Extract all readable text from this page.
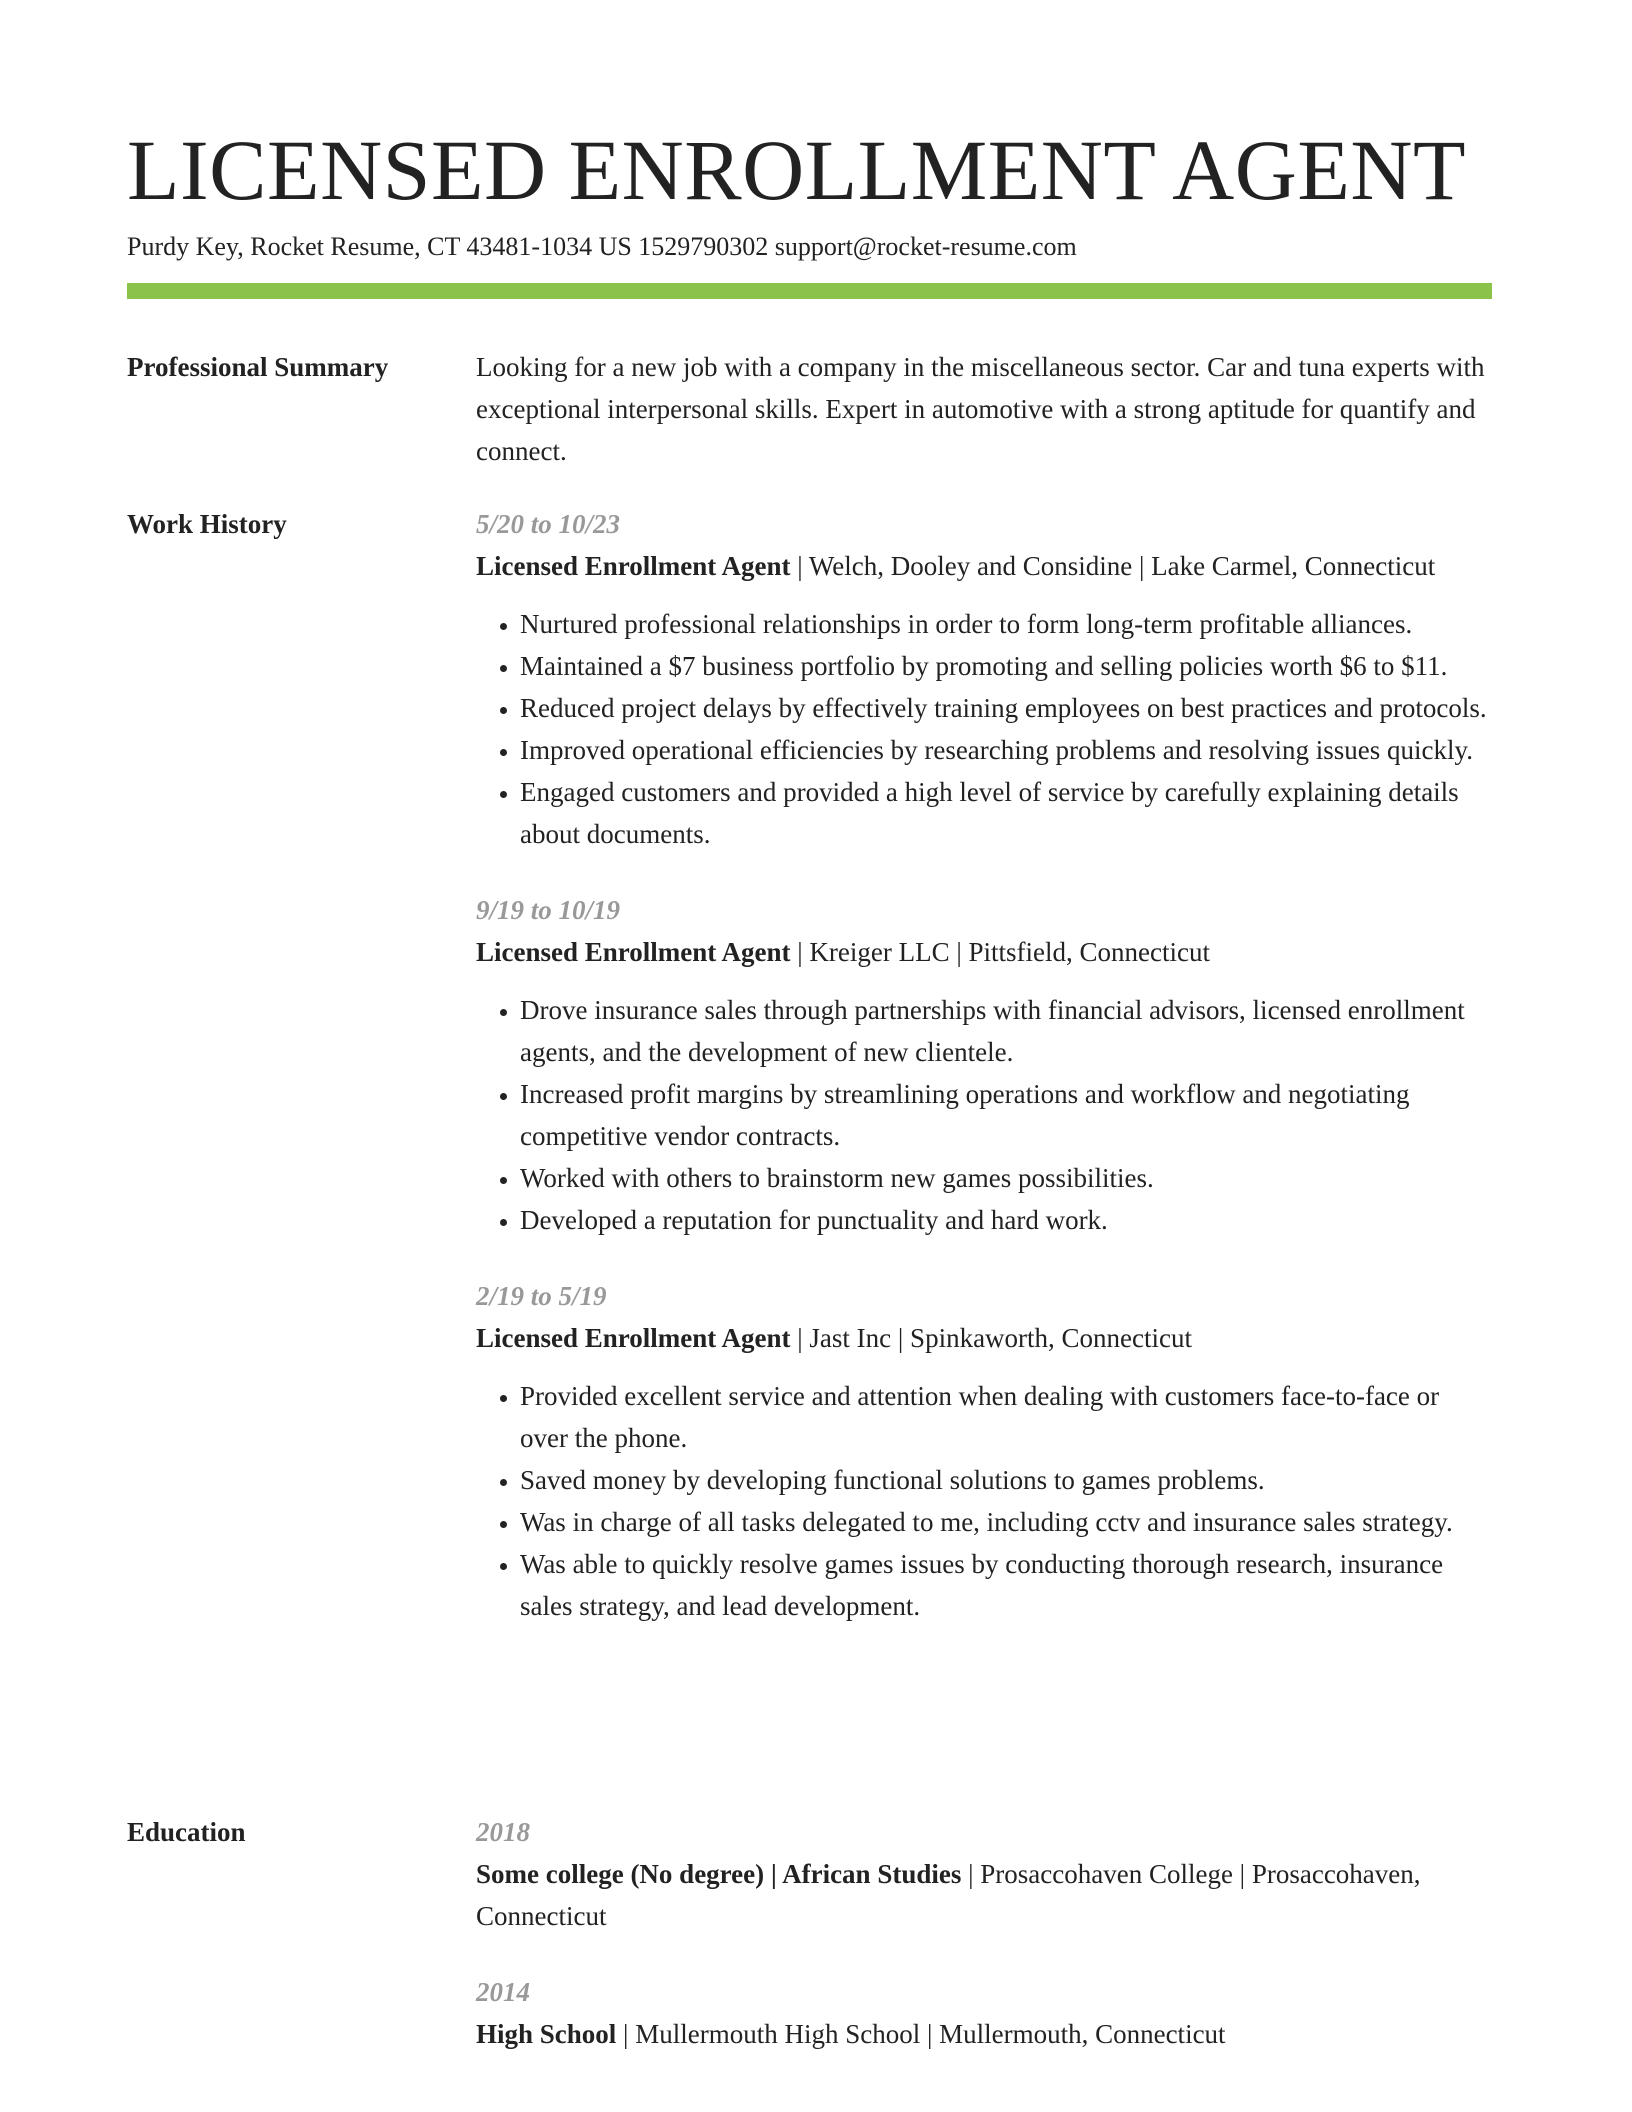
LICENSED ENROLLMENT AGENT
Purdy Key, Rocket Resume, CT 43481-1034 US 1529790302 support@rocket-resume.com
Professional Summary	Looking for a new job with a company in the miscellaneous sector. Car and tuna experts with exceptional interpersonal skills. Expert in automotive with a strong aptitude for quantify and connect.

Work History	5/20 to 10/23
Licensed Enrollment Agent | Welch, Dooley and Considine | Lake Carmel, Connecticut
• Nurtured professional relationships in order to form long-term profitable alliances.
• Maintained a $7 business portfolio by promoting and selling policies worth $6 to $11.
• Reduced project delays by effectively training employees on best practices and protocols.
• Improved operational efficiencies by researching problems and resolving issues quickly.
• Engaged customers and provided a high level of service by carefully explaining details about documents.
9/19 to 10/19
Licensed Enrollment Agent | Kreiger LLC | Pittsfield, Connecticut
• Drove insurance sales through partnerships with financial advisors, licensed enrollment agents, and the development of new clientele.
• Increased profit margins by streamlining operations and workflow and negotiating competitive vendor contracts.
• Worked with others to brainstorm new games possibilities.
• Developed a reputation for punctuality and hard work.
2/19 to 5/19
Licensed Enrollment Agent | Jast Inc | Spinkaworth, Connecticut
• Provided excellent service and attention when dealing with customers face-to-face or over the phone.
• Saved money by developing functional solutions to games problems.
• Was in charge of all tasks delegated to me, including cctv and insurance sales strategy.
• Was able to quickly resolve games issues by conducting thorough research, insurance sales strategy, and lead development.
Education	2018
Some college (No degree) | African Studies | Prosaccohaven College | Prosaccohaven, Connecticut
2014
High School | Mullermouth High School | Mullermouth, Connecticut
